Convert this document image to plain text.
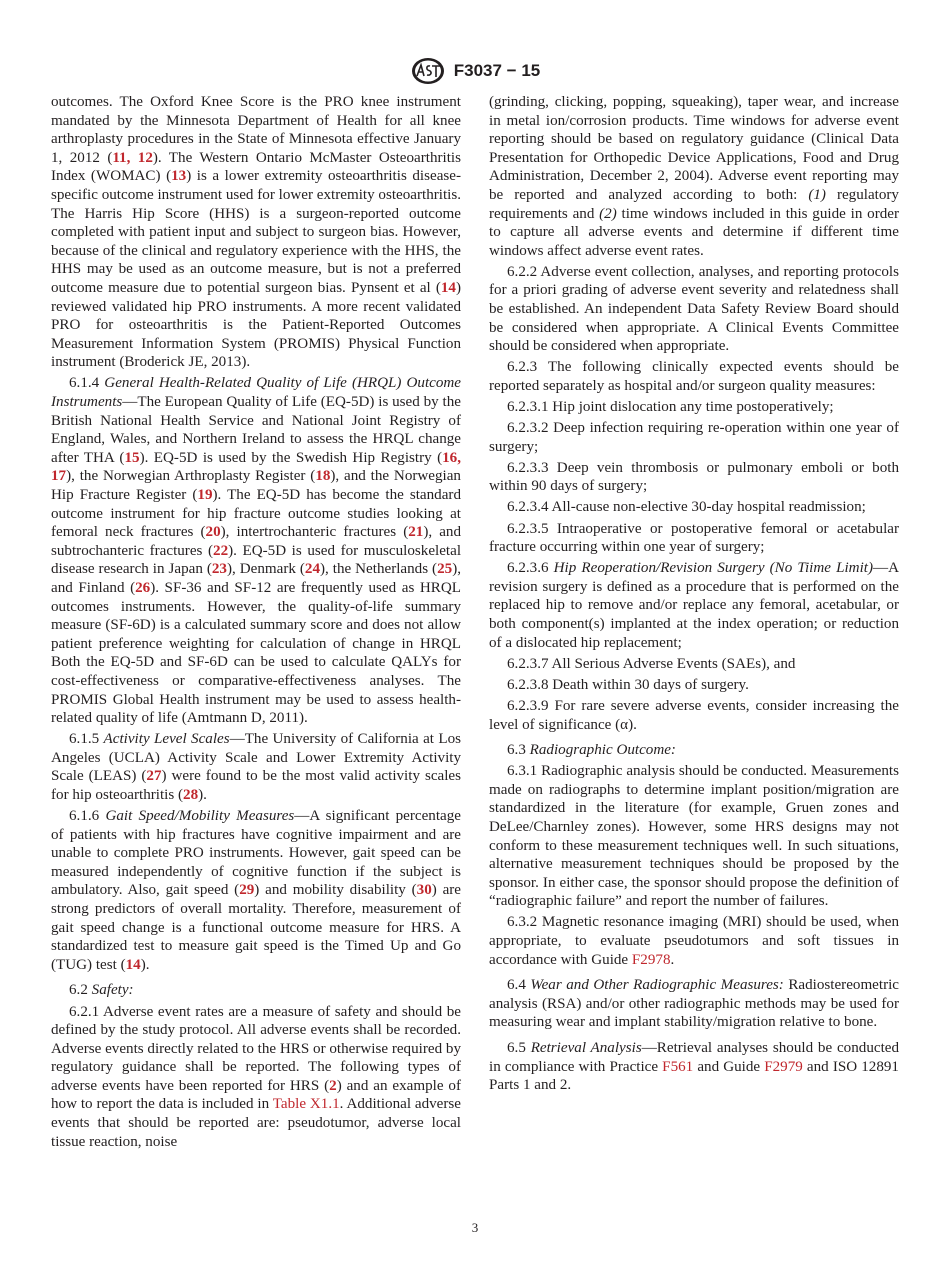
F3037 − 15

outcomes. The Oxford Knee Score is the PRO knee instrument mandated by the Minnesota Department of Health for all knee arthroplasty procedures in the State of Minnesota effective January 1, 2012 (11, 12). The Western Ontario McMaster Osteoarthritis Index (WOMAC) (13) is a lower extremity osteoarthritis disease-specific outcome instrument used for lower extremity osteoarthritis. The Harris Hip Score (HHS) is a surgeon-reported outcome completed with patient input and subject to surgeon bias. However, because of the clinical and regulatory experience with the HHS, the HHS may be used as an outcome measure, but is not a preferred outcome measure due to potential surgeon bias. Pynsent et al (14) reviewed validated hip PRO instruments. A more recent validated PRO for osteoarthritis is the Patient-Reported Outcomes Measurement Information System (PROMIS) Physical Function instrument (Broderick JE, 2013).

6.1.4 General Health-Related Quality of Life (HRQL) Outcome Instruments—The European Quality of Life (EQ-5D) is used by the British National Health Service and National Joint Registry of England, Wales, and Northern Ireland to assess the HRQL change after THA (15). EQ-5D is used by the Swedish Hip Registry (16, 17), the Norwegian Arthroplasty Register (18), and the Norwegian Hip Fracture Register (19). The EQ-5D has become the standard outcome instrument for hip fracture outcome studies looking at femoral neck fractures (20), intertrochanteric fractures (21), and subtrochanteric fractures (22). EQ-5D is used for musculoskeletal disease research in Japan (23), Denmark (24), the Netherlands (25), and Finland (26). SF-36 and SF-12 are frequently used as HRQL outcomes instruments. However, the quality-of-life summary measure (SF-6D) is a calculated summary score and does not allow patient preference weighting for calculation of change in HRQL Both the EQ-5D and SF-6D can be used to calculate QALYs for cost-effectiveness or comparative-effectiveness analyses. The PROMIS Global Health instrument may be used to assess health-related quality of life (Amtmann D, 2011).

6.1.5 Activity Level Scales—The University of California at Los Angeles (UCLA) Activity Scale and Lower Extremity Activity Scale (LEAS) (27) were found to be the most valid activity scales for hip osteoarthritis (28).

6.1.6 Gait Speed/Mobility Measures—A significant percentage of patients with hip fractures have cognitive impairment and are unable to complete PRO instruments. However, gait speed can be measured independently of cognitive function if the subject is ambulatory. Also, gait speed (29) and mobility disability (30) are strong predictors of overall mortality. Therefore, measurement of gait speed change is a functional outcome measure for HRS. A standardized test to measure gait speed is the Timed Up and Go (TUG) test (14).

6.2 Safety:

6.2.1 Adverse event rates are a measure of safety and should be defined by the study protocol. All adverse events shall be recorded. Adverse events directly related to the HRS or otherwise required by regulatory guidance shall be reported. The following types of adverse events have been reported for HRS (2) and an example of how to report the data is included in Table X1.1. Additional adverse events that should be reported are: pseudotumor, adverse local tissue reaction, noise

(grinding, clicking, popping, squeaking), taper wear, and increase in metal ion/corrosion products. Time windows for adverse event reporting should be based on regulatory guidance (Clinical Data Presentation for Orthopedic Device Applications, Food and Drug Administration, December 2, 2004). Adverse event reporting may be reported and analyzed according to both: (1) regulatory requirements and (2) time windows included in this guide in order to capture all adverse events and determine if different time windows affect adverse event rates.

6.2.2 Adverse event collection, analyses, and reporting protocols for a priori grading of adverse event severity and relatedness shall be established. An independent Data Safety Review Board should be considered when appropriate. A Clinical Events Committee should be considered when appropriate.

6.2.3 The following clinically expected events should be reported separately as hospital and/or surgeon quality measures:

6.2.3.1 Hip joint dislocation any time postoperatively;

6.2.3.2 Deep infection requiring re-operation within one year of surgery;

6.2.3.3 Deep vein thrombosis or pulmonary emboli or both within 90 days of surgery;

6.2.3.4 All-cause non-elective 30-day hospital readmission;

6.2.3.5 Intraoperative or postoperative femoral or acetabular fracture occurring within one year of surgery;

6.2.3.6 Hip Reoperation/Revision Surgery (No Tiime Limit)—A revision surgery is defined as a procedure that is performed on the replaced hip to remove and/or replace any femoral, acetabular, or both component(s) implanted at the index operation; or reduction of a dislocated hip replacement;

6.2.3.7 All Serious Adverse Events (SAEs), and

6.2.3.8 Death within 30 days of surgery.

6.2.3.9 For rare severe adverse events, consider increasing the level of significance (α).

6.3 Radiographic Outcome:

6.3.1 Radiographic analysis should be conducted. Measurements made on radiographs to determine implant position/migration are standardized in the literature (for example, Gruen zones and DeLee/Charnley zones). However, some HRS designs may not conform to these measurement techniques well. In such situations, alternative measurement techniques should be proposed by the sponsor. In either case, the sponsor should propose the definition of “radiographic failure” and report the number of failures.

6.3.2 Magnetic resonance imaging (MRI) should be used, when appropriate, to evaluate pseudotumors and soft tissues in accordance with Guide F2978.

6.4 Wear and Other Radiographic Measures: Radiostereometric analysis (RSA) and/or other radiographic methods may be used for measuring wear and implant stability/migration relative to bone.

6.5 Retrieval Analysis—Retrieval analyses should be conducted in compliance with Practice F561 and Guide F2979 and ISO 12891 Parts 1 and 2.

3
